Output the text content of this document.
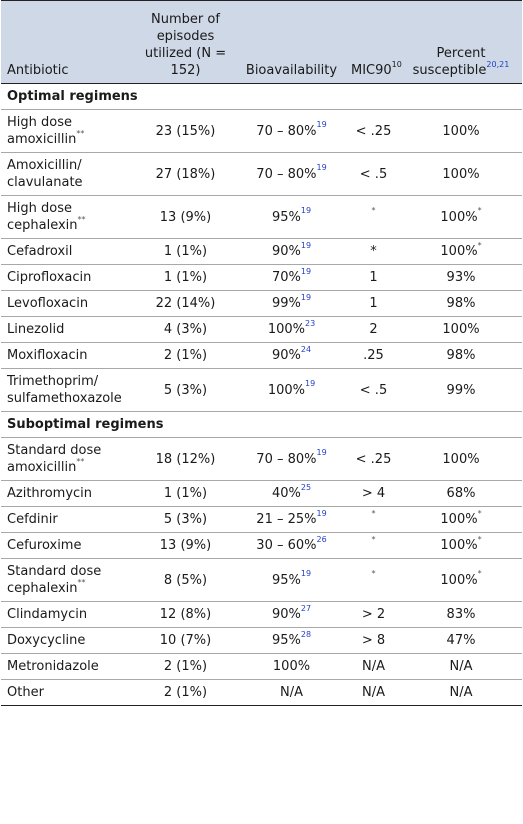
Antibiotic	Number of episodes utilized (N = 152)	Bioavailability	$MIC90^{10}$	Percent susceptible$^{20,21}$
Optimal regimens				
High dose amoxicillin**	23 (15%)	70 – 80%$^{19}$	< .25	100%
Amoxicillin/ clavulanate	27 (18%)	70 – 80%$^{19}$	< .5	100%
High dose cephalexin**	13 (9%)	95%$^{19}$	*	100%*
Cefadroxil	1 (1%)	90%$^{19}$	*	100%*
Ciprofloxacin	1 (1%)	70%$^{19}$	1	93%
Levofloxacin	22 (14%)	99%$^{19}$	1	98%
Linezolid	4 (3%)	100%$^{23}$	2	100%
Moxifloxacin	2 (1%)	90%$^{24}$	.25	98%
Trimethoprim/ sulfamethoxazole	5 (3%)	100%$^{19}$	< .5	99%
Suboptimal regimens				
Standard dose amoxicillin**	18 (12%)	70 – 80%$^{19}$	< .25	100%
Azithromycin	1 (1%)	40%$^{25}$	> 4	68%
Cefdinir	5 (3%)	21 – 25%$^{19}$	*	100%*
Cefuroxime	13 (9%)	30 – 60%$^{26}$	*	100%*
Standard dose cephalexin**	8 (5%)	95%$^{19}$	*	100%*
Clindamycin	12 (8%)	90%$^{27}$	> 2	83%
Doxycycline	10 (7%)	95%$^{28}$	> 8	47%
Metronidazole	2 (1%)	100%	N/A	N/A
Other	2 (1%)	N/A	N/A	N/A
